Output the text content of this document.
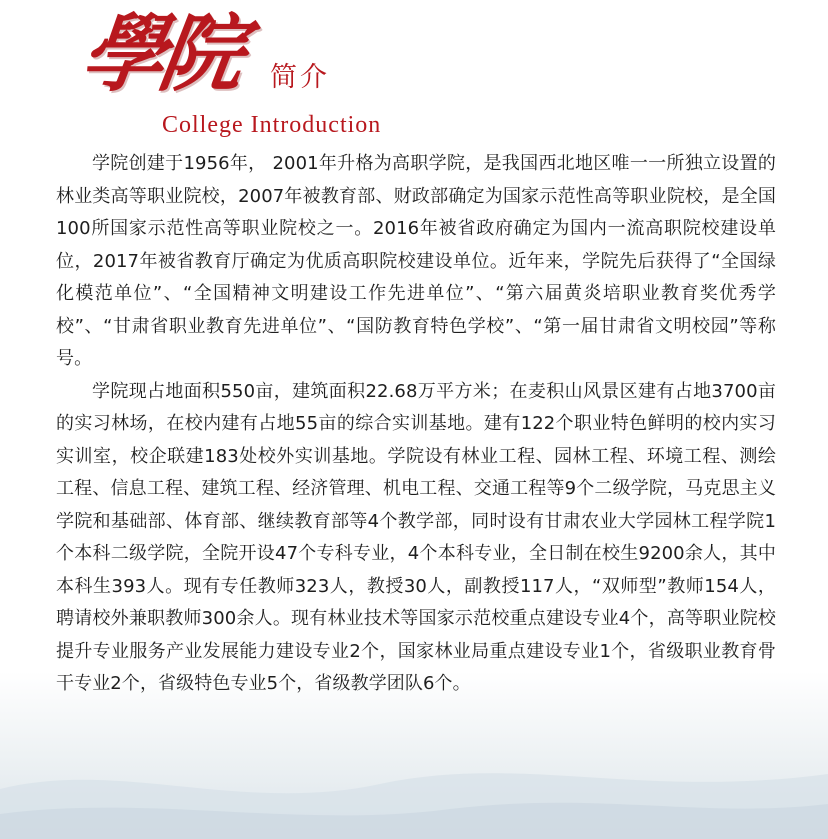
學院 简介
College Introduction

学院创建于1956年， 2001年升格为高职学院，是我国西北地区唯一一所独立设置的林业类高等职业院校，2007年被教育部、财政部确定为国家示范性高等职业院校，是全国100所国家示范性高等职业院校之一。2016年被省政府确定为国内一流高职院校建设单位，2017年被省教育厅确定为优质高职院校建设单位。近年来，学院先后获得了“全国绿化模范单位”、“全国精神文明建设工作先进单位”、“第六届黄炎培职业教育奖优秀学校”、“甘肃省职业教育先进单位”、“国防教育特色学校”、“第一届甘肃省文明校园”等称号。

学院现占地面积550亩，建筑面积22.68万平方米；在麦积山风景区建有占地3700亩的实习林场，在校内建有占地55亩的综合实训基地。建有122个职业特色鲜明的校内实习实训室，校企联建183处校外实训基地。学院设有林业工程、园林工程、环境工程、测绘工程、信息工程、建筑工程、经济管理、机电工程、交通工程等9个二级学院，马克思主义学院和基础部、体育部、继续教育部等4个教学部，同时设有甘肃农业大学园林工程学院1个本科二级学院，全院开设47个专科专业，4个本科专业，全日制在校生9200余人，其中本科生393人。现有专任教师323人，教授30人，副教授117人，“双师型”教师154人，聘请校外兼职教师300余人。现有林业技术等国家示范校重点建设专业4个，高等职业院校提升专业服务产业发展能力建设专业2个，国家林业局重点建设专业1个，省级职业教育骨干专业2个，省级特色专业5个，省级教学团队6个。
